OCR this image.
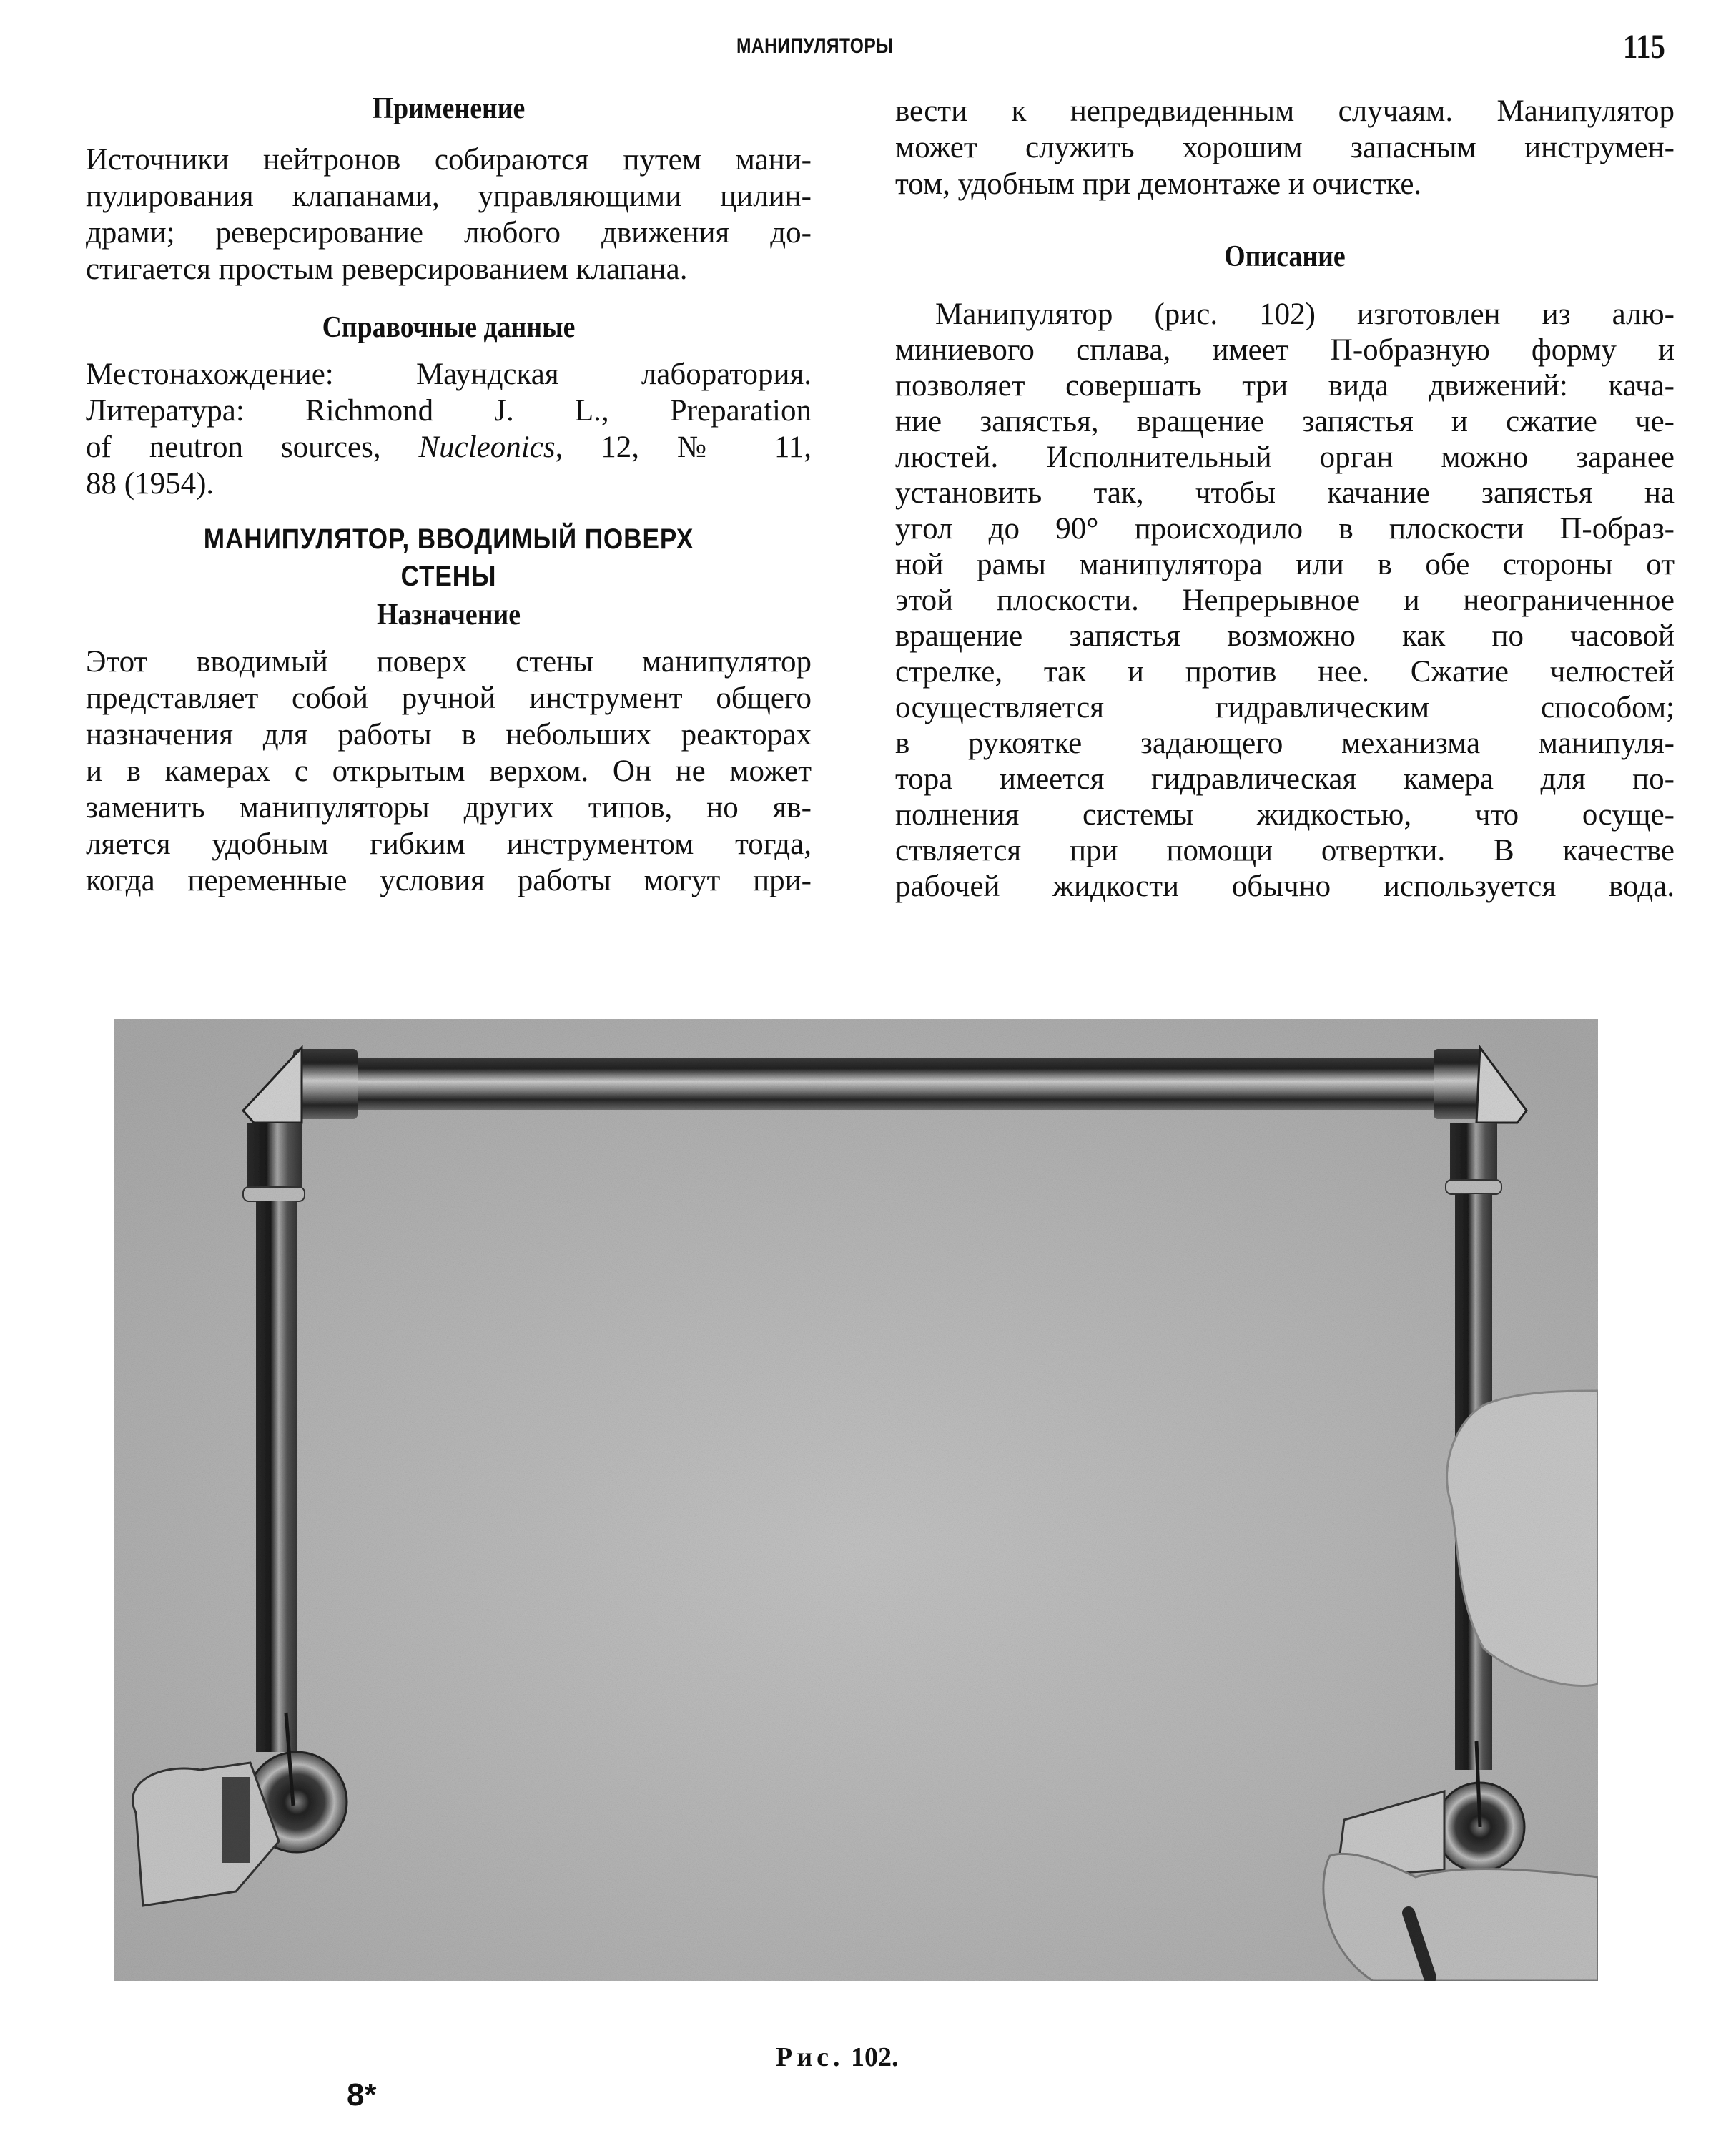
МАНИПУЛЯТОРЫ	115
Применение

Источники нейтронов собираются путем мани-
пулирования клапанами, управляющими цилин-
драми; реверсирование любого движения до-
стигается простым реверсированием клапана.

Справочные данные

Местонахождение: Маундская лаборатория.
Литература: Richmond J. L., Preparation
of neutron sources, Nucleonics, 12, № 11,
88 (1954).

МАНИПУЛЯТОР, ВВОДИМЫЙ ПОВЕРХ
СТЕНЫ
Назначение

Этот вводимый поверх стены манипулятор
представляет собой ручной инструмент общего
назначения для работы в небольших реакторах
и в камерах с открытым верхом. Он не может
заменить манипуляторы других типов, но яв-
ляется удобным гибким инструментом тогда,
когда переменные условия работы могут при-

вести к непредвиденным случаям. Манипулятор
может служить хорошим запасным инструмен-
том, удобным при демонтаже и очистке.

Описание

Манипулятор (рис. 102) изготовлен из алю-
миниевого сплава, имеет П-образную форму и
позволяет совершать три вида движений: кача-
ние запястья, вращение запястья и сжатие че-
люстей. Исполнительный орган можно заранее
установить так, чтобы качание запястья на
угол до 90° происходило в плоскости П-образ-
ной рамы манипулятора или в обе стороны от
этой плоскости. Непрерывное и неограниченное
вращение запястья возможно как по часовой
стрелке, так и против нее. Сжатие челюстей
осуществляется гидравлическим способом;
в рукоятке задающего механизма манипуля-
тора имеется гидравлическая камера для по-
полнения системы жидкостью, что осуще-
ствляется при помощи отвертки. В качестве
рабочей жидкости обычно используется вода.

Рис. 102.
8*
